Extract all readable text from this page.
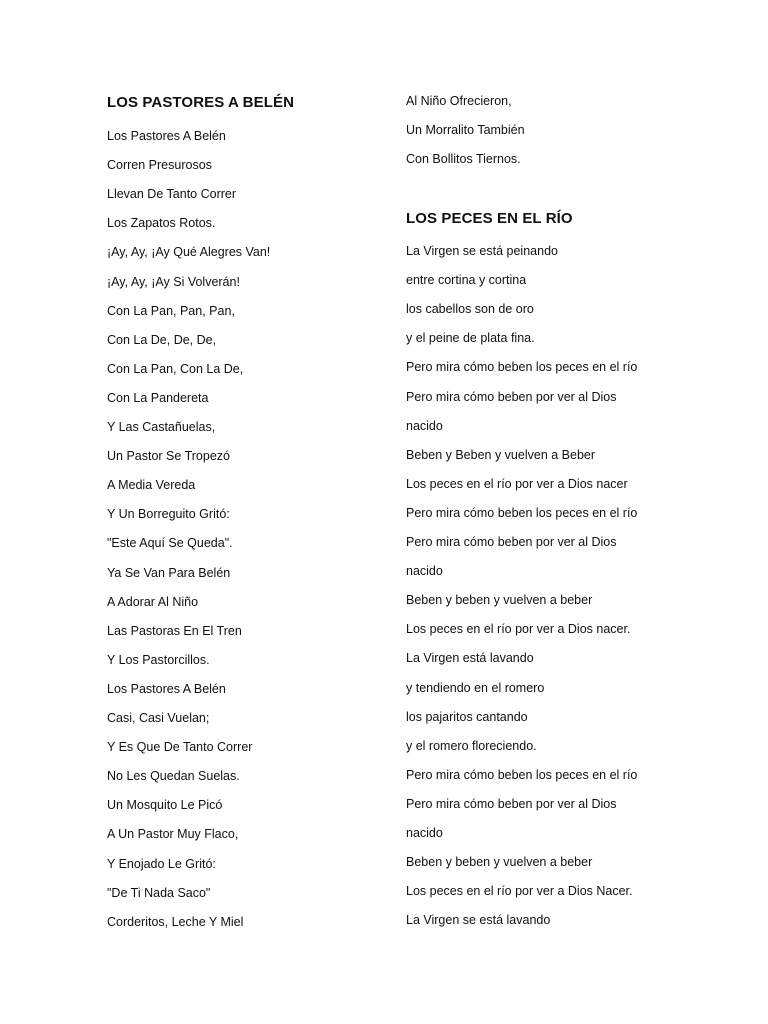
LOS PASTORES A BELÉN
Los Pastores A Belén
Corren Presurosos
Llevan De Tanto Correr
Los Zapatos Rotos.
¡Ay, Ay, ¡Ay Qué Alegres Van!
¡Ay, Ay, ¡Ay Si Volverán!
Con La Pan, Pan, Pan,
Con La De, De, De,
Con La Pan, Con La De,
Con La Pandereta
Y Las Castañuelas,
Un Pastor Se Tropezó
A Media Vereda
Y Un Borreguito Gritó:
"Este Aquí Se Queda".
Ya Se Van Para Belén
A Adorar Al Niño
Las Pastoras En El Tren
Y Los Pastorcillos.
Los Pastores A Belén
Casi, Casi Vuelan;
Y Es Que De Tanto Correr
No Les Quedan Suelas.
Un Mosquito Le Picó
A Un Pastor Muy Flaco,
Y Enojado Le Gritó:
"De Ti Nada Saco"
Corderitos, Leche Y Miel
LOS PECES EN EL RÍO
Al Niño Ofrecieron,
Un Morralito También
Con Bollitos Tiernos.
La Virgen se está peinando
entre cortina y cortina
los cabellos son de oro
y el peine de plata fina.
Pero mira cómo beben los peces en el río
Pero mira cómo beben por ver al Dios
nacido
Beben y Beben y vuelven a Beber
Los peces en el río por ver a Dios nacer
Pero mira cómo beben los peces en el río
Pero mira cómo beben por ver al Dios
nacido
Beben y beben y vuelven a beber
Los peces en el río por ver a Dios nacer.
La Virgen está lavando
y tendiendo en el romero
los pajaritos cantando
y el romero floreciendo.
Pero mira cómo beben los peces en el río
Pero mira cómo beben por ver al Dios
nacido
Beben y beben y vuelven a beber
Los peces en el río por ver a Dios Nacer.
La Virgen se está lavando
